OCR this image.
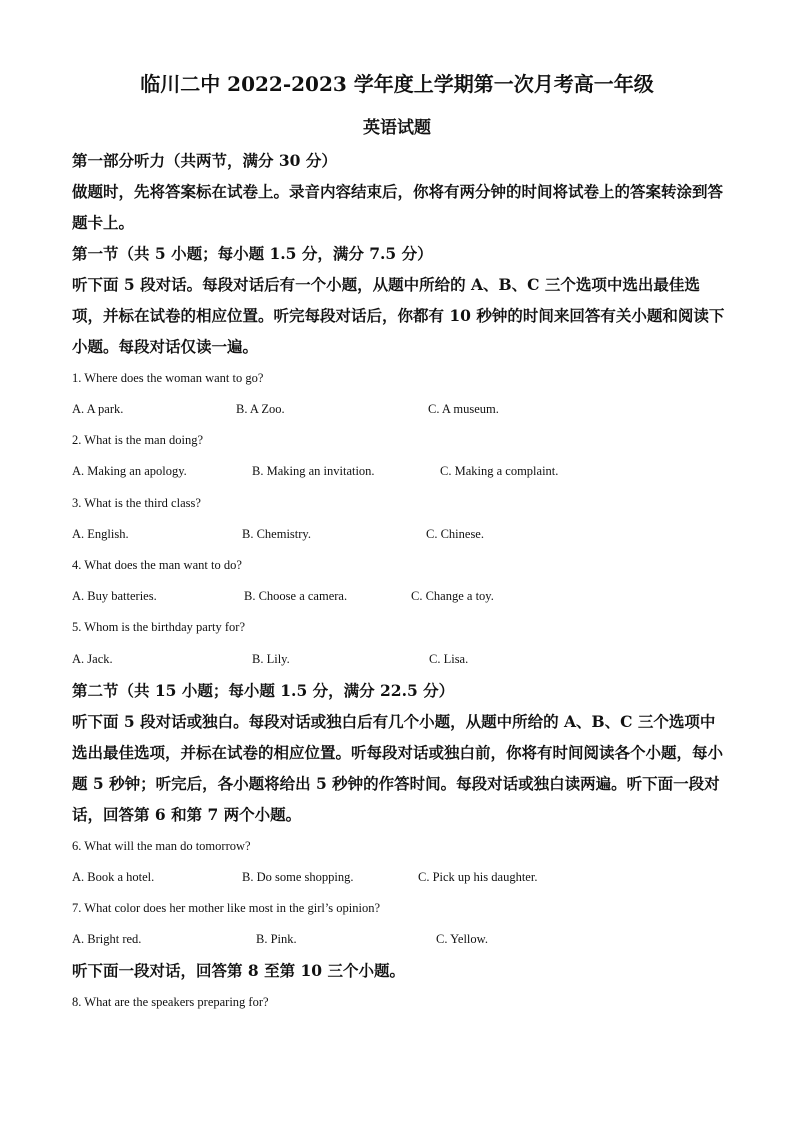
临川二中 2022-2023 学年度上学期第一次月考高一年级
英语试题
第一部分听力（共两节，满分 30 分）
做题时，先将答案标在试卷上。录音内容结束后，你将有两分钟的时间将试卷上的答案转涂到答题卡上。
第一节（共 5 小题；每小题 1.5 分，满分 7.5 分）
听下面 5 段对话。每段对话后有一个小题，从题中所给的 A、B、C 三个选项中选出最佳选项，并标在试卷的相应位置。听完每段对话后，你都有 10 秒钟的时间来回答有关小题和阅读下小题。每段对话仅读一遍。
1. Where does the woman want to go?
A. A park.	B. A Zoo.	C. A museum.
2. What is the man doing?
A. Making an apology.	B. Making an invitation.	C. Making a complaint.
3. What is the third class?
A. English.	B. Chemistry.	C. Chinese.
4. What does the man want to do?
A. Buy batteries.	B. Choose a camera.	C. Change a toy.
5. Whom is the birthday party for?
A. Jack.	B. Lily.	C. Lisa.
第二节（共 15 小题；每小题 1.5 分，满分 22.5 分）
听下面 5 段对话或独白。每段对话或独白后有几个小题，从题中所给的 A、B、C 三个选项中选出最佳选项，并标在试卷的相应位置。听每段对话或独白前，你将有时间阅读各个小题，每小题 5 秒钟；听完后，各小题将给出 5 秒钟的作答时间。每段对话或独白读两遍。听下面一段对话，回答第 6 和第 7 两个小题。
6. What will the man do tomorrow?
A. Book a hotel.	B. Do some shopping.	C. Pick up his daughter.
7. What color does her mother like most in the girl’s opinion?
A. Bright red.	B. Pink.	C. Yellow.
听下面一段对话，回答第 8 至第 10 三个小题。
8. What are the speakers preparing for?
